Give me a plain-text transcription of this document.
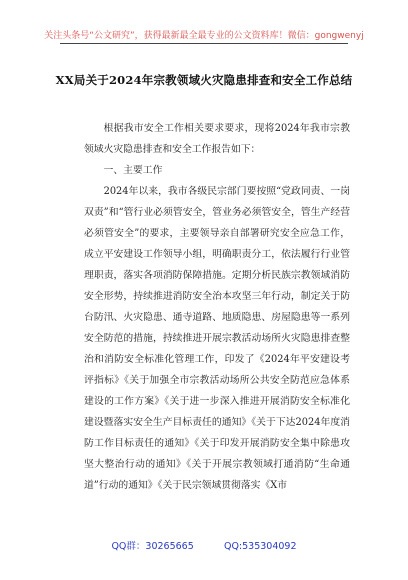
关注头条号“公文研究”，获得最新最全最专业的公文资料库！微信：gongwenyj
XX局关于2024年宗教领域火灾隐患排查和安全工作总结

根据我市安全工作相关要求要求，现将2024年我市宗教领域火灾隐患排查和安全工作报告如下：

一、主要工作

2024年以来，我市各级民宗部门要按照“党政同责、一岗双责”和“管行业必须管安全，管业务必须管安全，管生产经营必须管安全”的要求，主要领导亲自部署研究安全应急工作，成立平安建设工作领导小组，明确职责分工，依法履行行业管理职责，落实各项消防保障措施。定期分析民族宗教领域消防安全形势，持续推进消防安全治本攻坚三年行动，制定关于防台防汛、火灾隐患、通寺道路、地质隐患、房屋隐患等一系列安全防范的措施，持续推进开展宗教活动场所火灾隐患排查整治和消防安全标准化管理工作，印发了《2024年平安建设考评指标》《关于加强全市宗教活动场所公共安全防范应急体系建设的工作方案》《关于进一步深入推进开展消防安全标准化建设暨落实安全生产目标责任的通知》《关于下达2024年度消防工作目标责任的通知》《关于印发开展消防安全集中除患攻坚大整治行动的通知》《关于开展宗教领域打通消防“生命通道”行动的通知》《关于民宗领域贯彻落实《X市

QQ群：30265665	QQ:535304092
